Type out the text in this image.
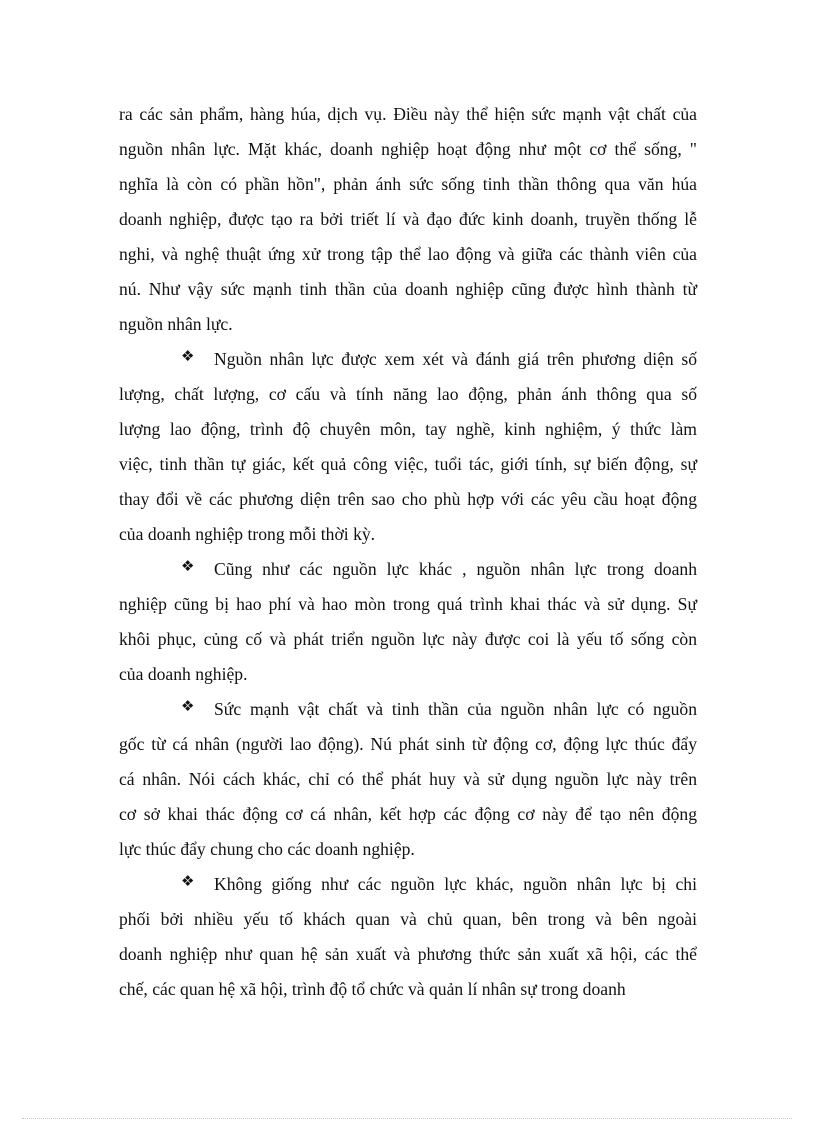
ra các sản phẩm, hàng hú​a, dịch vụ. Điều này thể hiện sức mạnh vật chất của
nguồn nhân lực. Mặt khác, doanh nghiệp hoạt động như một cơ thể sống, "
nghĩa là còn có phần hồn", phản ánh sức sống tinh thần thông qua văn hú​a
doanh nghiệp, được tạo ra bởi triết lí và đạo đức kinh doanh, truyền thống lễ
nghi, và nghệ thuật ứng xử trong tập thể lao động và giữa các thành viên của
nú. Như vậy sức mạnh tinh thần của doanh nghiệp cũng được hình thành từ
nguồn nhân lực.
❖ Nguồn nhân lực được xem xét và đánh giá trên phương diện số
lượng, chất lượng, cơ cấu và tính năng lao động, phản ánh thông qua số
lượng lao động, trình độ chuyên môn, tay nghề, kinh nghiệm, ý thức làm
việc, tinh thần tự giác, kết quả công việc, tuổi tác, giới tính, sự biến động, sự
thay đổi về các phương diện trên sao cho phù hợp với các yêu cầu hoạt động
của doanh nghiệp trong mỗi thời kỳ.
❖ Cũng như các nguồn lực khác , nguồn nhân lực trong doanh
nghiệp cũng bị hao phí và hao mòn trong quá trình khai thác và sử dụng. Sự
khôi phục, củng cố và phát triển nguồn lực này được coi là yếu tố sống còn
của doanh nghiệp.
❖ Sức mạnh vật chất và tinh thần của nguồn nhân lực có nguồn
gốc từ cá nhân (người lao động). Nú phát sinh từ động cơ, động lực thúc đẩy
cá nhân. Nói cách khác, chỉ có thể phát huy và sử dụng nguồn lực này trên
cơ sở khai thác động cơ cá nhân, kết hợp các động cơ này để tạo nên động
lực thúc đẩy chung cho các doanh nghiệp.
❖ Không giống như các nguồn lực khác, nguồn nhân lực bị chi
phối bởi nhiều yếu tố khách quan và chủ quan, bên trong và bên ngoài
doanh nghiệp như quan hệ sản xuất và phương thức sản xuất xã hội, các thể
chế, các quan hệ xã hội, trình độ tổ chức và quản lí nhân sự trong doanh
